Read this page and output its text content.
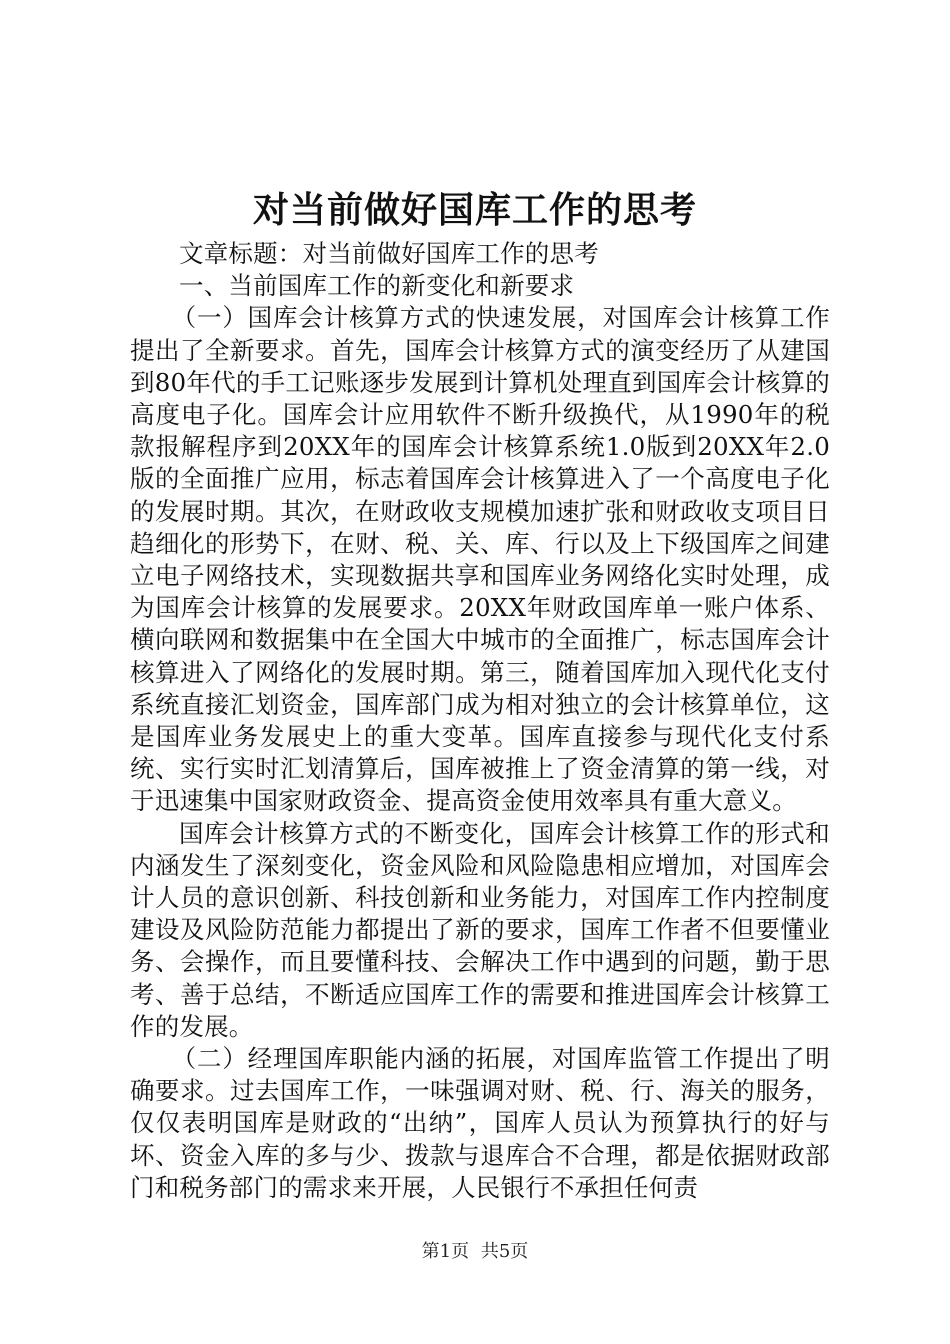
对当前做好国库工作的思考

文章标题：对当前做好国库工作的思考

一、当前国库工作的新变化和新要求

（一）国库会计核算方式的快速发展，对国库会计核算工作提出了全新要求。首先，国库会计核算方式的演变经历了从建国到80年代的手工记账逐步发展到计算机处理直到国库会计核算的高度电子化。国库会计应用软件不断升级换代，从1990年的税款报解程序到20XX年的国库会计核算系统1.0版到20XX年2.0版的全面推广应用，标志着国库会计核算进入了一个高度电子化的发展时期。其次，在财政收支规模加速扩张和财政收支项目日趋细化的形势下，在财、税、关、库、行以及上下级国库之间建立电子网络技术，实现数据共享和国库业务网络化实时处理，成为国库会计核算的发展要求。20XX年财政国库单一账户体系、横向联网和数据集中在全国大中城市的全面推广，标志国库会计核算进入了网络化的发展时期。第三，随着国库加入现代化支付系统直接汇划资金，国库部门成为相对独立的会计核算单位，这是国库业务发展史上的重大变革。国库直接参与现代化支付系统、实行实时汇划清算后，国库被推上了资金清算的第一线，对于迅速集中国家财政资金、提高资金使用效率具有重大意义。

国库会计核算方式的不断变化，国库会计核算工作的形式和内涵发生了深刻变化，资金风险和风险隐患相应增加，对国库会计人员的意识创新、科技创新和业务能力，对国库工作内控制度建设及风险防范能力都提出了新的要求，国库工作者不但要懂业务、会操作，而且要懂科技、会解决工作中遇到的问题，勤于思考、善于总结，不断适应国库工作的需要和推进国库会计核算工作的发展。

（二）经理国库职能内涵的拓展，对国库监管工作提出了明确要求。过去国库工作，一味强调对财、税、行、海关的服务，仅仅表明国库是财政的“出纳”，国库人员认为预算执行的好与坏、资金入库的多与少、拨款与退库合不合理，都是依据财政部门和税务部门的需求来开展，人民银行不承担任何责

第1页 共5页
